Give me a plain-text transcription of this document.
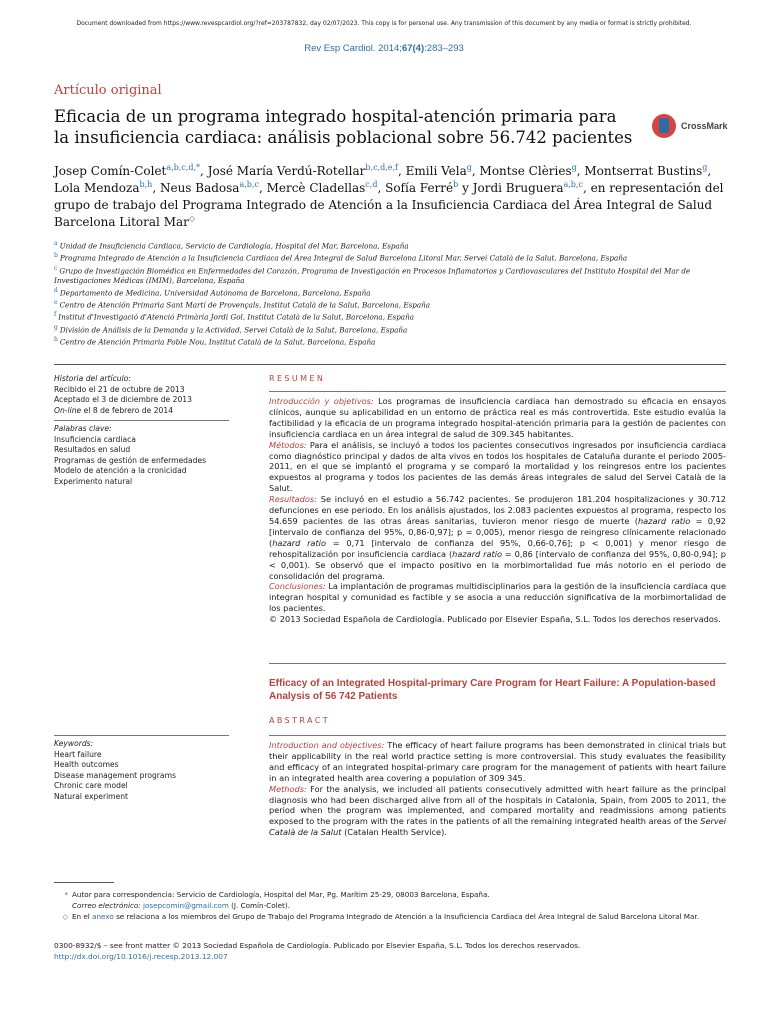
Document downloaded from https://www.revespcardiol.org/?ref=203787832, day 02/07/2023. This copy is for personal use. Any transmission of this document by any media or format is strictly prohibited.
Rev Esp Cardiol. 2014;67(4):283–293
Artículo original
Eficacia de un programa integrado hospital-atención primaria para la insuficiencia cardiaca: análisis poblacional sobre 56.742 pacientes
CrossMark
Josep Comín-Colet$^{a,b,c,d,*}$, José María Verdú-Rotellar$^{b,c,d,e,f}$, Emili Vela$^g$, Montse Clèries$^g$, Montserrat Bustins$^g$, Lola Mendoza$^{b,h}$, Neus Badosa$^{a,b,c}$, Mercè Cladellas$^{c,d}$, Sofía Ferré$^b$ y Jordi Bruguera$^{a,b,c}$, en representación del grupo de trabajo del Programa Integrado de Atención a la Insuficiencia Cardiaca del Área Integral de Salud Barcelona Litoral Mar◇
$^a$ Unidad de Insuficiencia Cardiaca, Servicio de Cardiología, Hospital del Mar, Barcelona, España
$^b$ Programa Integrado de Atención a la Insuficiencia Cardiaca del Área Integral de Salud Barcelona Litoral Mar, Servei Català de la Salut, Barcelona, España
$^c$ Grupo de Investigación Biomédica en Enfermedades del Corazón, Programa de Investigación en Procesos Inflamatorios y Cardiovasculares del Instituto Hospital del Mar de Investigaciones Médicas (IMIM), Barcelona, España
$^d$ Departamento de Medicina, Universidad Autónoma de Barcelona, Barcelona, España
$^e$ Centro de Atención Primaria Sant Martí de Provençals, Institut Català de la Salut, Barcelona, España
$^f$ Institut d'Investigació d'Atenció Primària Jordi Gol, Institut Català de la Salut, Barcelona, España
$^g$ División de Análisis de la Demanda y la Actividad, Servei Català de la Salut, Barcelona, España
$^h$ Centro de Atención Primaria Poble Nou, Institut Català de la Salut, Barcelona, España
Historia del artículo:
Recibido el 21 de octubre de 2013
Aceptado el 3 de diciembre de 2013
On-line el 8 de febrero de 2014
Palabras clave:
Insuficiencia cardiaca
Resultados en salud
Programas de gestión de enfermedades
Modelo de atención a la cronicidad
Experimento natural
Keywords:
Heart failure
Health outcomes
Disease management programs
Chronic care model
Natural experiment
RESUMEN

Introducción y objetivos: Los programas de insuficiencia cardiaca han demostrado su eficacia en ensayos clínicos, aunque su aplicabilidad en un entorno de práctica real es más controvertida. Este estudio evalúa la factibilidad y la eficacia de un programa integrado hospital-atención primaria para la gestión de pacientes con insuficiencia cardiaca en un área integral de salud de 309.345 habitantes.

Métodos: Para el análisis, se incluyó a todos los pacientes consecutivos ingresados por insuficiencia cardiaca como diagnóstico principal y dados de alta vivos en todos los hospitales de Cataluña durante el periodo 2005-2011, en el que se implantó el programa y se comparó la mortalidad y los reingresos entre los pacientes expuestos al programa y todos los pacientes de las demás áreas integrales de salud del Servei Català de la Salut.

Resultados: Se incluyó en el estudio a 56.742 pacientes. Se produjeron 181.204 hospitalizaciones y 30.712 defunciones en ese periodo. En los análisis ajustados, los 2.083 pacientes expuestos al programa, respecto los 54.659 pacientes de las otras áreas sanitarias, tuvieron menor riesgo de muerte (hazard ratio = 0,92 [intervalo de confianza del 95%, 0,86-0,97]; p = 0,005), menor riesgo de reingreso clínicamente relacionado (hazard ratio = 0,71 [intervalo de confianza del 95%, 0,66-0,76]; p < 0,001) y menor riesgo de rehospitalización por insuficiencia cardiaca (hazard ratio = 0,86 [intervalo de confianza del 95%, 0,80-0,94]; p < 0,001). Se observó que el impacto positivo en la morbimortalidad fue más notorio en el periodo de consolidación del programa.

Conclusiones: La implantación de programas multidisciplinarios para la gestión de la insuficiencia cardiaca que integran hospital y comunidad es factible y se asocia a una reducción significativa de la morbimortalidad de los pacientes.

© 2013 Sociedad Española de Cardiología. Publicado por Elsevier España, S.L. Todos los derechos reservados.

Efficacy of an Integrated Hospital-primary Care Program for Heart Failure: A Population-based Analysis of 56 742 Patients
ABSTRACT

Introduction and objectives: The efficacy of heart failure programs has been demonstrated in clinical trials but their applicability in the real world practice setting is more controversial. This study evaluates the feasibility and efficacy of an integrated hospital-primary care program for the management of patients with heart failure in an integrated health area covering a population of 309 345.

Methods: For the analysis, we included all patients consecutively admitted with heart failure as the principal diagnosis who had been discharged alive from all of the hospitals in Catalonia, Spain, from 2005 to 2011, the period when the program was implemented, and compared mortality and readmissions among patients exposed to the program with the rates in the patients of all the remaining integrated health areas of the Servei Català de la Salut (Catalan Health Service).

* Autor para correspondencia: Servicio de Cardiología, Hospital del Mar, Pg. Marítim 25-29, 08003 Barcelona, España.
Correo electrónico: josepcomin@gmail.com (J. Comín-Colet).
◇ En el anexo se relaciona a los miembros del Grupo de Trabajo del Programa Integrado de Atención a la Insuficiencia Cardiaca del Área Integral de Salud Barcelona Litoral Mar.
0300-8932/$ – see front matter © 2013 Sociedad Española de Cardiología. Publicado por Elsevier España, S.L. Todos los derechos reservados.
http://dx.doi.org/10.1016/j.recesp.2013.12.007
